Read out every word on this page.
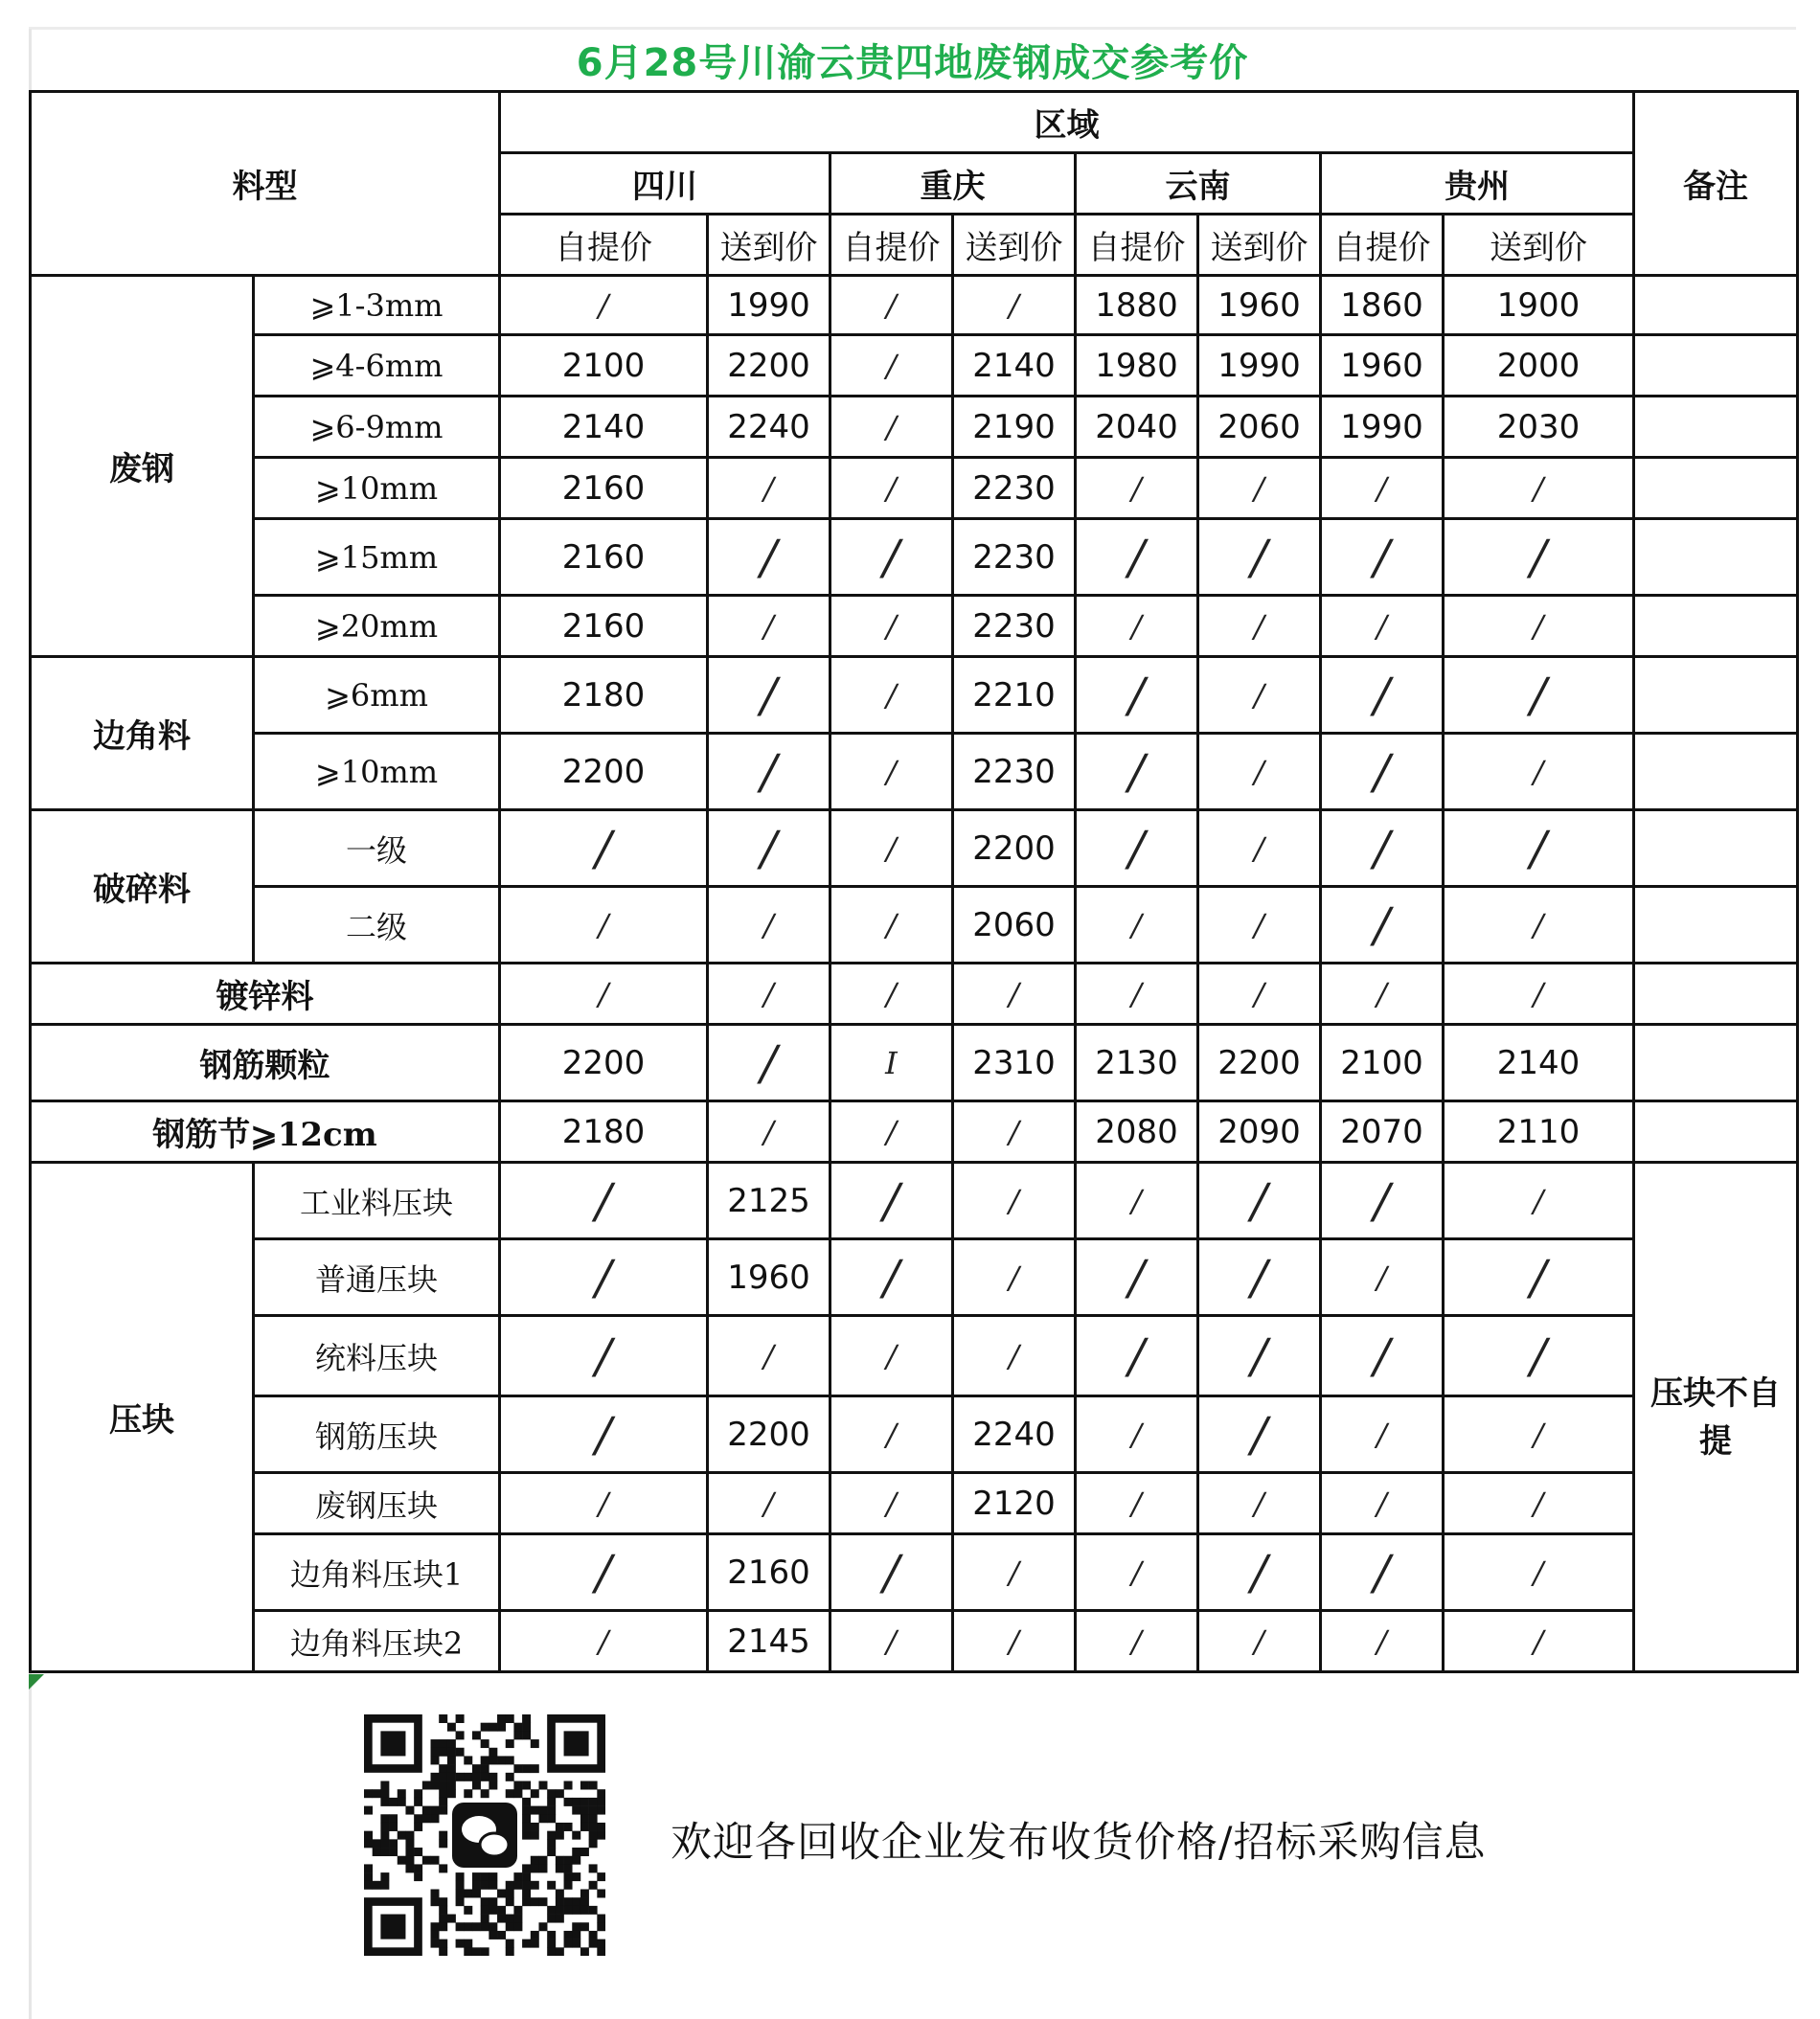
6月28号川渝云贵四地废钢成交参考价
料型		区域								备注
		四川		重庆		云南		贵州		
		自提价	送到价	自提价	送到价	自提价	送到价	自提价	送到价	
废钢	⩾1-3mm	/	1990	/	/	1880	1960	1860	1900	
	⩾4-6mm	2100	2200	/	2140	1980	1990	1960	2000	
	⩾6-9mm	2140	2240	/	2190	2040	2060	1990	2030	
	⩾10mm	2160	/	/	2230	/	/	/	/	
	⩾15mm	2160	/	/	2230	/	/	/	/	
	⩾20mm	2160	/	/	2230	/	/	/	/	
边角料	⩾6mm	2180	/	/	2210	/	/	/	/	
	⩾10mm	2200	/	/	2230	/	/	/	/	
破碎料	一级	/	/	/	2200	/	/	/	/	
	二级	/	/	/	2060	/	/	/	/	
镀锌料		/	/	/	/	/	/	/	/	
钢筋颗粒		2200	/	I	2310	2130	2200	2100	2140	
钢筋节⩾12cm		2180	/	/	/	2080	2090	2070	2110	
压块	工业料压块	/	2125	/	/	/	/	/	/	压块不自提
	普通压块	/	1960	/	/	/	/	/	/	
	统料压块	/	/	/	/	/	/	/	/	
	钢筋压块	/	2200	/	2240	/	/	/	/	
	废钢压块	/	/	/	2120	/	/	/	/	
	边角料压块1	/	2160	/	/	/	/	/	/	
	边角料压块2	/	2145	/	/	/	/	/	/	
欢迎各回收企业发布收货价格/招标采购信息
